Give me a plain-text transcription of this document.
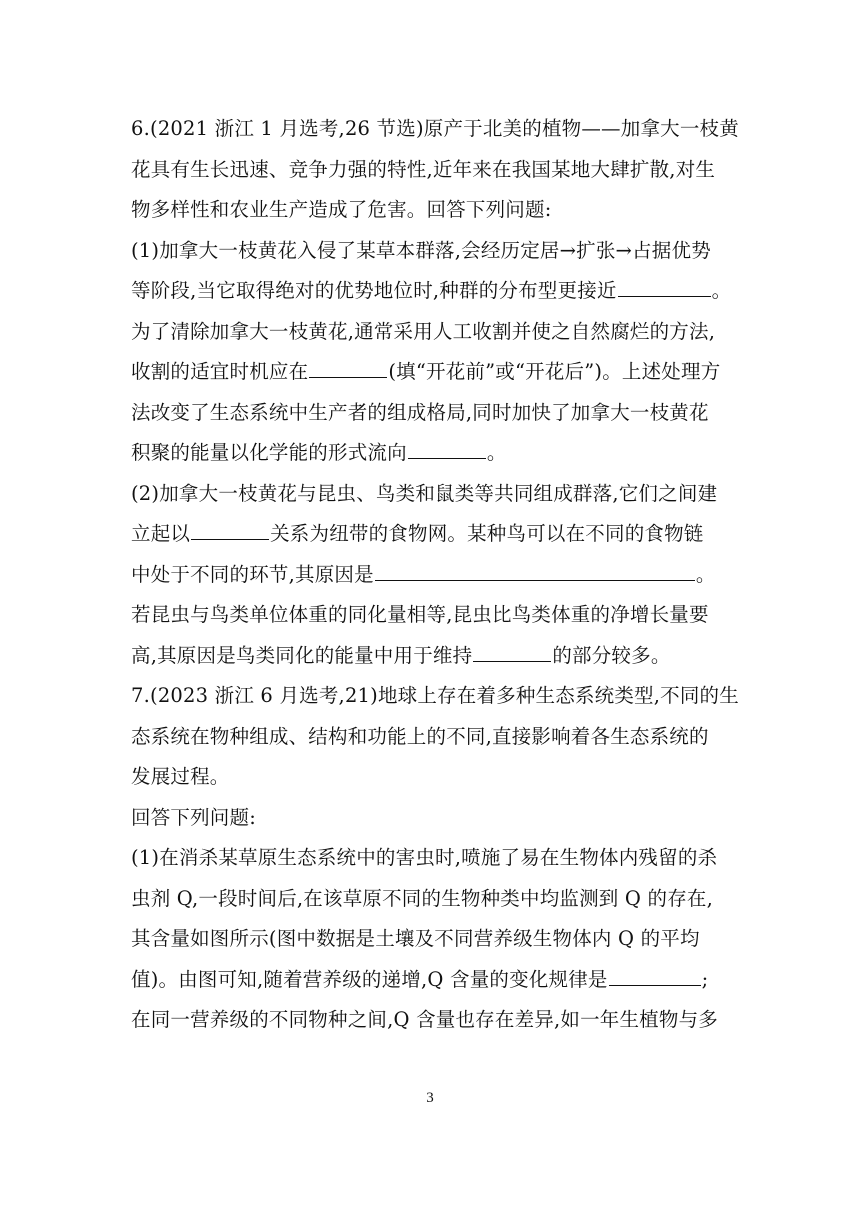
6.(2021 浙江 1 月选考,26 节选)原产于北美的植物——加拿大一枝黄
花具有生长迅速、竞争力强的特性,近年来在我国某地大肆扩散,对生
物多样性和农业生产造成了危害。回答下列问题:
(1)加拿大一枝黄花入侵了某草本群落,会经历定居→扩张→占据优势
等阶段,当它取得绝对的优势地位时,种群的分布型更接近	。
为了清除加拿大一枝黄花,通常采用人工收割并使之自然腐烂的方法,
收割的适宜时机应在	(填“开花前”或“开花后”)。上述处理方
法改变了生态系统中生产者的组成格局,同时加快了加拿大一枝黄花
积聚的能量以化学能的形式流向	。
(2)加拿大一枝黄花与昆虫、鸟类和鼠类等共同组成群落,它们之间建
立起以	关系为纽带的食物网。某种鸟可以在不同的食物链
中处于不同的环节,其原因是	。
若昆虫与鸟类单位体重的同化量相等,昆虫比鸟类体重的净增长量要
高,其原因是鸟类同化的能量中用于维持	的部分较多。
7.(2023 浙江 6 月选考,21)地球上存在着多种生态系统类型,不同的生
态系统在物种组成、结构和功能上的不同,直接影响着各生态系统的
发展过程。
回答下列问题:
(1)在消杀某草原生态系统中的害虫时,喷施了易在生物体内残留的杀
虫剂 Q,一段时间后,在该草原不同的生物种类中均监测到 Q 的存在,
其含量如图所示(图中数据是土壤及不同营养级生物体内 Q 的平均
值)。由图可知,随着营养级的递增,Q 含量的变化规律是	;
在同一营养级的不同物种之间,Q 含量也存在差异,如一年生植物与多
3
